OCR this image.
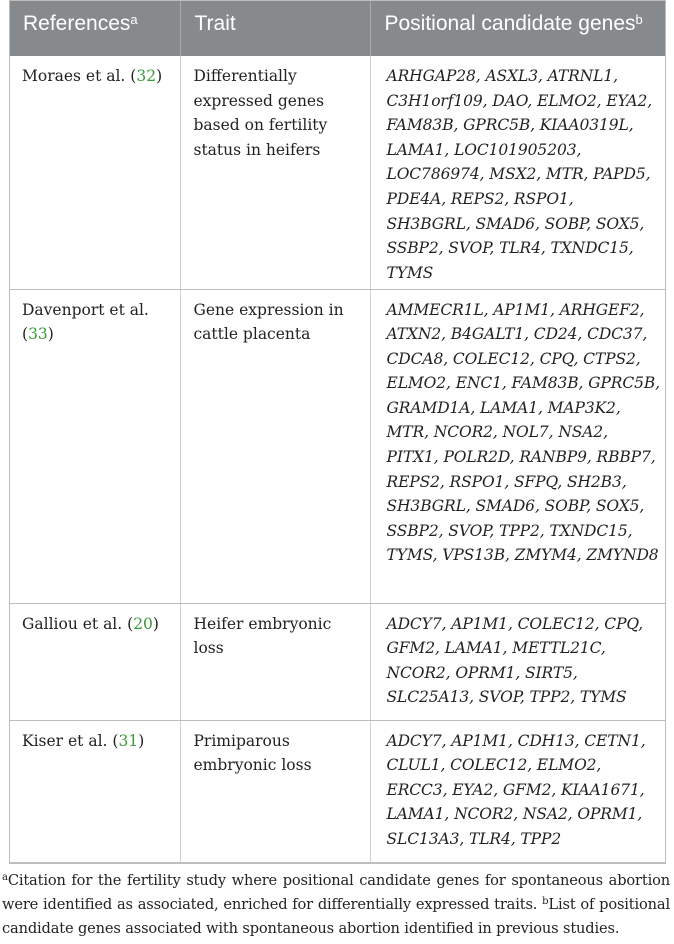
References$^a$	Trait	Positional candidate genes$^b$
Moraes et al. (32)	Differentially expressed genes based on fertility status in heifers	ARHGAP28, ASXL3, ATRNL1, C3H1orf109, DAO, ELMO2, EYA2, FAM83B, GPRC5B, KIAA0319L, LAMA1, LOC101905203, LOC786974, MSX2, MTR, PAPD5, PDE4A, REPS2, RSPO1, SH3BGRL, SMAD6, SOBP, SOX5, SSBP2, SVOP, TLR4, TXNDC15, TYMS
Davenport et al. (33)	Gene expression in cattle placenta	AMMECR1L, AP1M1, ARHGEF2, ATXN2, B4GALT1, CD24, CDC37, CDCA8, COLEC12, CPQ, CTPS2, ELMO2, ENC1, FAM83B, GPRC5B, GRAMD1A, LAMA1, MAP3K2, MTR, NCOR2, NOL7, NSA2, PITX1, POLR2D, RANBP9, RBBP7, REPS2, RSPO1, SFPQ, SH2B3, SH3BGRL, SMAD6, SOBP, SOX5, SSBP2, SVOP, TPP2, TXNDC15, TYMS, VPS13B, ZMYM4, ZMYND8
Galliou et al. (20)	Heifer embryonic loss	ADCY7, AP1M1, COLEC12, CPQ, GFM2, LAMA1, METTL21C, NCOR2, OPRM1, SIRT5, SLC25A13, SVOP, TPP2, TYMS
Kiser et al. (31)	Primiparous embryonic loss	ADCY7, AP1M1, CDH13, CETN1, CLUL1, COLEC12, ELMO2, ERCC3, EYA2, GFM2, KIAA1671, LAMA1, NCOR2, NSA2, OPRM1, SLC13A3, TLR4, TPP2

$^a$Citation for the fertility study where positional candidate genes for spontaneous abortion were identified as associated, enriched for differentially expressed traits. $^b$List of positional candidate genes associated with spontaneous abortion identified in previous studies.
